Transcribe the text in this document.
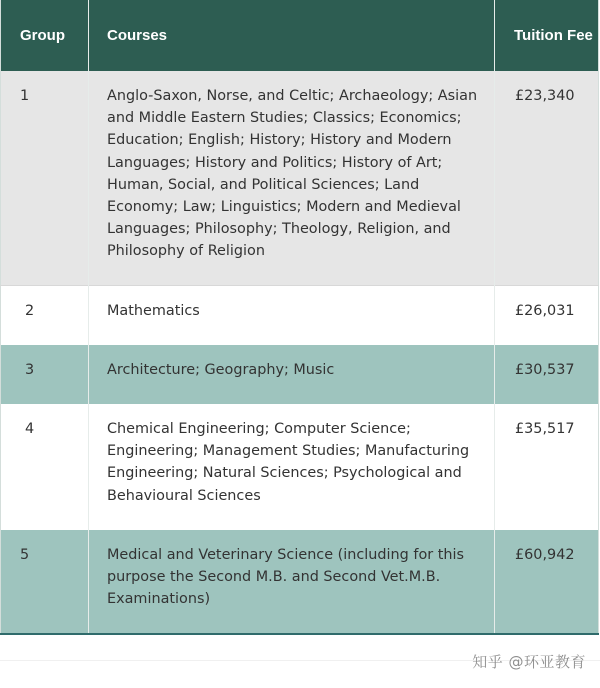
Group	Courses	Tuition Fee
1	Anglo-Saxon, Norse, and Celtic; Archaeology; Asian and Middle Eastern Studies; Classics; Economics; Education; English; History; History and Modern Languages; History and Politics; History of Art; Human, Social, and Political Sciences; Land Economy; Law; Linguistics; Modern and Medieval Languages; Philosophy; Theology, Religion, and Philosophy of Religion	£23,340
2	Mathematics	£26,031
3	Architecture; Geography; Music	£30,537
4	Chemical Engineering; Computer Science; Engineering; Management Studies; Manufacturing Engineering; Natural Sciences; Psychological and Behavioural Sciences	£35,517
5	Medical and Veterinary Science (including for this purpose the Second M.B. and Second Vet.M.B. Examinations)	£60,942
知乎 @环亚教育
